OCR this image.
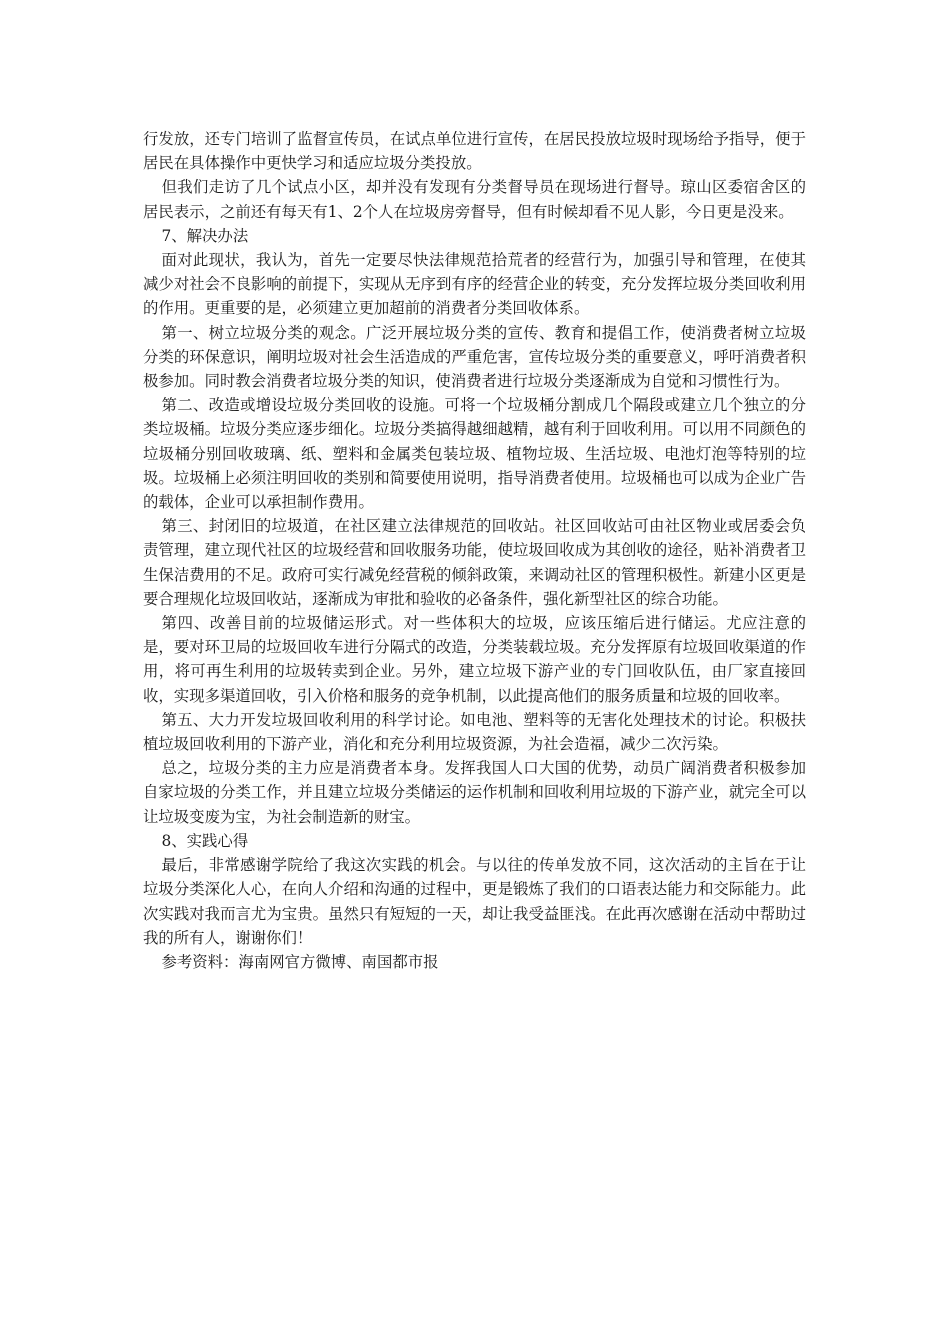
行发放，还专门培训了监督宣传员，在试点单位进行宣传，在居民投放垃圾时现场给予指导，便于居民在具体操作中更快学习和适应垃圾分类投放。

但我们走访了几个试点小区，却并没有发现有分类督导员在现场进行督导。琼山区委宿舍区的居民表示，之前还有每天有1、2个人在垃圾房旁督导，但有时候却看不见人影，今日更是没来。

7、解决办法

面对此现状，我认为，首先一定要尽快法律规范拾荒者的经营行为，加强引导和管理，在使其减少对社会不良影响的前提下，实现从无序到有序的经营企业的转变，充分发挥垃圾分类回收利用的作用。更重要的是，必须建立更加超前的消费者分类回收体系。

第一、树立垃圾分类的观念。广泛开展垃圾分类的宣传、教育和提倡工作，使消费者树立垃圾分类的环保意识，阐明垃圾对社会生活造成的严重危害，宣传垃圾分类的重要意义，呼吁消费者积极参加。同时教会消费者垃圾分类的知识，使消费者进行垃圾分类逐渐成为自觉和习惯性行为。

第二、改造或增设垃圾分类回收的设施。可将一个垃圾桶分割成几个隔段或建立几个独立的分类垃圾桶。垃圾分类应逐步细化。垃圾分类搞得越细越精，越有利于回收利用。可以用不同颜色的垃圾桶分别回收玻璃、纸、塑料和金属类包装垃圾、植物垃圾、生活垃圾、电池灯泡等特别的垃圾。垃圾桶上必须注明回收的类别和简要使用说明，指导消费者使用。垃圾桶也可以成为企业广告的载体，企业可以承担制作费用。

第三、封闭旧的垃圾道，在社区建立法律规范的回收站。社区回收站可由社区物业或居委会负责管理，建立现代社区的垃圾经营和回收服务功能，使垃圾回收成为其创收的途径，贴补消费者卫生保洁费用的不足。政府可实行减免经营税的倾斜政策，来调动社区的管理积极性。新建小区更是要合理规化垃圾回收站，逐渐成为审批和验收的必备条件，强化新型社区的综合功能。

第四、改善目前的垃圾储运形式。对一些体积大的垃圾，应该压缩后进行储运。尤应注意的是，要对环卫局的垃圾回收车进行分隔式的改造，分类装载垃圾。充分发挥原有垃圾回收渠道的作用，将可再生利用的垃圾转卖到企业。另外，建立垃圾下游产业的专门回收队伍，由厂家直接回收，实现多渠道回收，引入价格和服务的竞争机制，以此提高他们的服务质量和垃圾的回收率。

第五、大力开发垃圾回收利用的科学讨论。如电池、塑料等的无害化处理技术的讨论。积极扶植垃圾回收利用的下游产业，消化和充分利用垃圾资源，为社会造福，减少二次污染。

总之，垃圾分类的主力应是消费者本身。发挥我国人口大国的优势，动员广阔消费者积极参加自家垃圾的分类工作，并且建立垃圾分类储运的运作机制和回收利用垃圾的下游产业，就完全可以让垃圾变废为宝，为社会制造新的财宝。

8、实践心得

最后，非常感谢学院给了我这次实践的机会。与以往的传单发放不同，这次活动的主旨在于让垃圾分类深化人心，在向人介绍和沟通的过程中，更是锻炼了我们的口语表达能力和交际能力。此次实践对我而言尤为宝贵。虽然只有短短的一天，却让我受益匪浅。在此再次感谢在活动中帮助过我的所有人，谢谢你们！

参考资料：海南网官方微博、南国都市报
